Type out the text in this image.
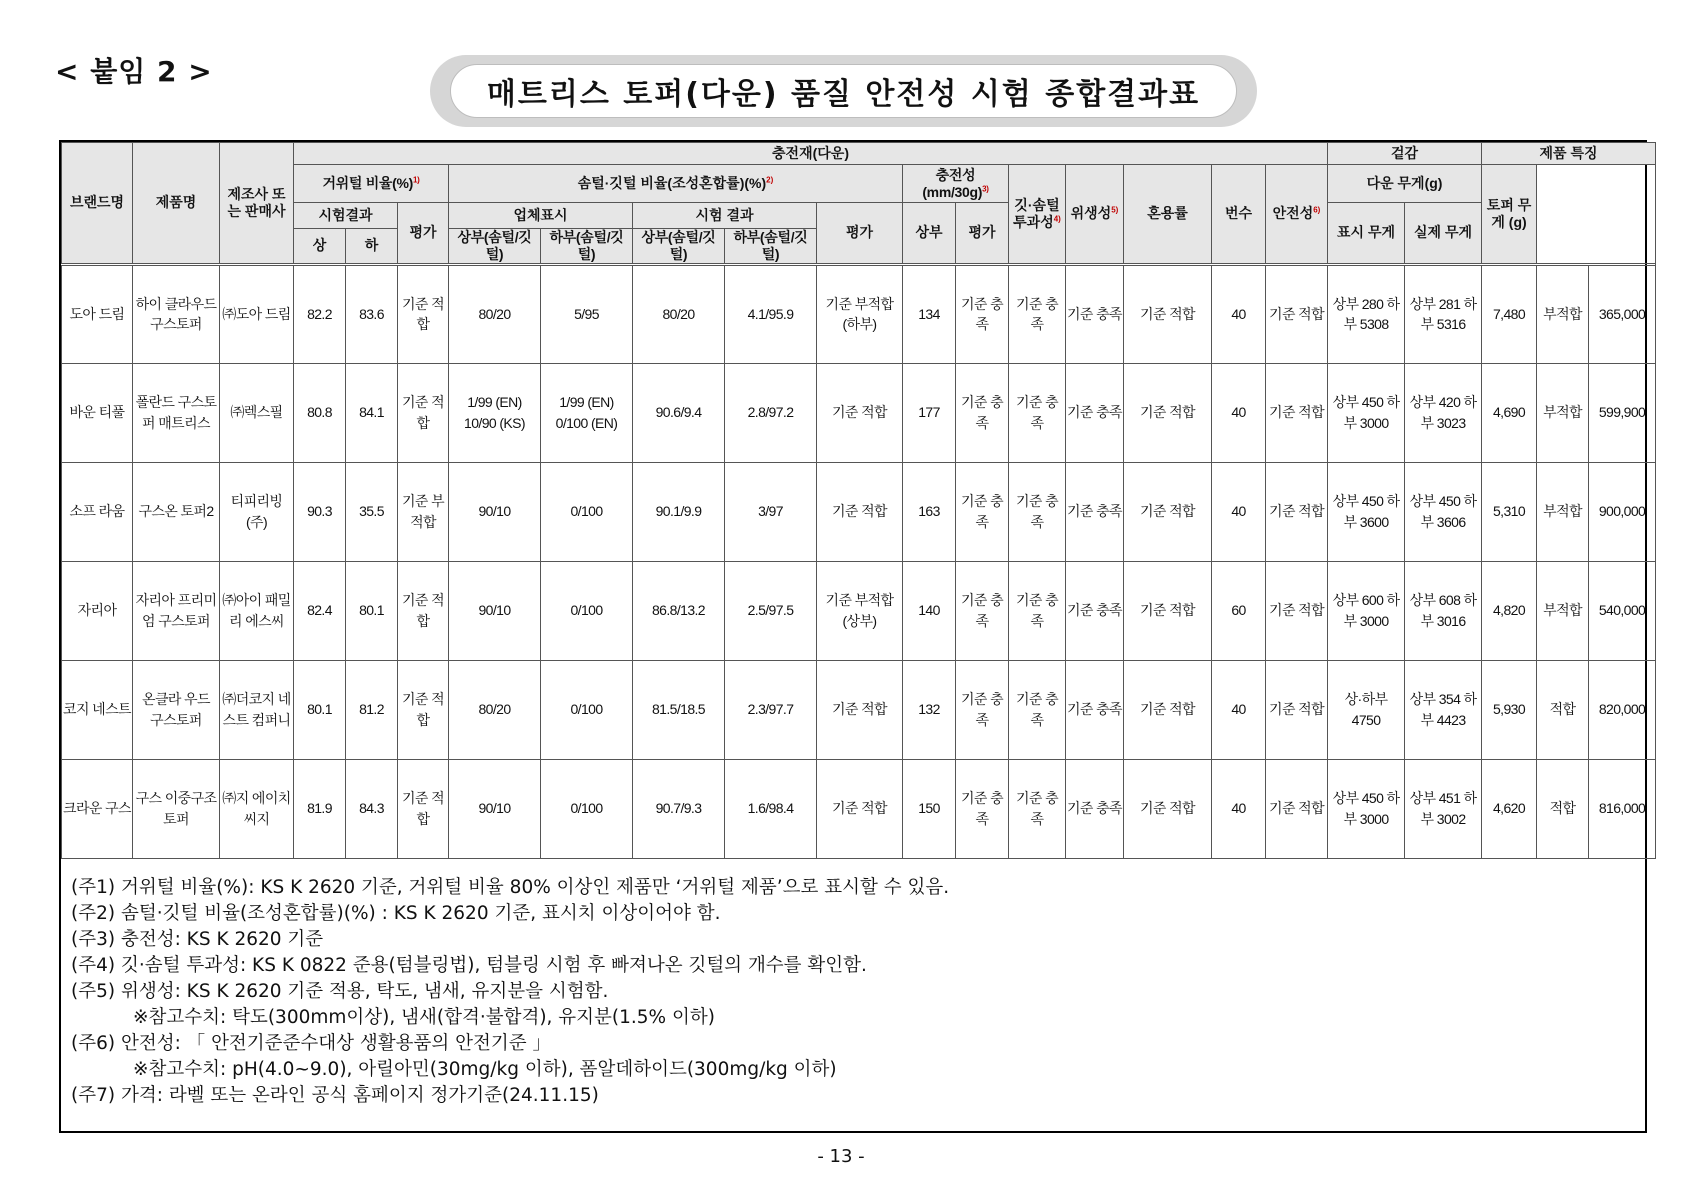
< 붙임 2 >
매트리스 토퍼(다운) 품질 안전성 시험 종합결과표
브랜드명	제품명	제조사 또는 판매사	충전재(다운)															겉감		제품 특징		
			거위털 비율(%)$^{1)}$			솜털·깃털 비율(조성혼합률)(%)$^{2)}$					충전성 $(mm/30g)^{3)}$		깃·솜털 투과성$^{4)}$	위생성$^{5)}$	혼용률	번수	안전성$^{6)}$	다운 무게(g)		토퍼 무게 (g)			
			시험결과		평가	업체표시		시험 결과		평가	상부	평가						표시 무게	실제 무게				
			상	하		상부(솜털/깃털)	하부(솜털/깃털)	상부(솜털/깃털)	하부(솜털/깃털)														
도아 드림	하이 클라우드 구스토퍼	㈜도아 드림	82.2	83.6	기준 적합	80/20	5/95	80/20	4.1/95.9	기준 부적합 (하부)	134	기준 충족	기준 충족	기준 충족	기준 적합	40	기준 적합	상부 280 하부 5308	상부 281 하부 5316	7,480	부적합	365,000	
바운 티풀	폴란드 구스토퍼 매트리스	㈜렉스필	80.8	84.1	기준 적합	1/99 (EN) 10/90 (KS)	1/99 (EN) 0/100 (EN)	90.6/9.4	2.8/97.2	기준 적합	177	기준 충족	기준 충족	기준 충족	기준 적합	40	기준 적합	상부 450 하부 3000	상부 420 하부 3023	4,690	부적합	599,900	
소프 라움	구스온 토퍼2	티피리빙 (주)	90.3	35.5	기준 부적합	90/10	0/100	90.1/9.9	3/97	기준 적합	163	기준 충족	기준 충족	기준 충족	기준 적합	40	기준 적합	상부 450 하부 3600	상부 450 하부 3606	5,310	부적합	900,000	
자리아	자리아 프리미엄 구스토퍼	㈜아이 패밀리 에스씨	82.4	80.1	기준 적합	90/10	0/100	86.8/13.2	2.5/97.5	기준 부적합 (상부)	140	기준 충족	기준 충족	기준 충족	기준 적합	60	기준 적합	상부 600 하부 3000	상부 608 하부 3016	4,820	부적합	540,000	
코지 네스트	온클라 우드 구스토퍼	㈜더코지 네스트 컴퍼니	80.1	81.2	기준 적합	80/20	0/100	81.5/18.5	2.3/97.7	기준 적합	132	기준 충족	기준 충족	기준 충족	기준 적합	40	기준 적합	상·하부 4750	상부 354 하부 4423	5,930	적합	820,000	
크라운 구스	구스 이중구조 토퍼	㈜지 에이치 씨지	81.9	84.3	기준 적합	90/10	0/100	90.7/9.3	1.6/98.4	기준 적합	150	기준 충족	기준 충족	기준 충족	기준 적합	40	기준 적합	상부 450 하부 3000	상부 451 하부 3002	4,620	적합	816,000	
(주1) 거위털 비율(%): KS K 2620 기준, 거위털 비율 80% 이상인 제품만 ‘거위털 제품’으로 표시할 수 있음.
(주2) 솜털·깃털 비율(조성혼합률)(%) : KS K 2620 기준, 표시치 이상이어야 함.
(주3) 충전성: KS K 2620 기준
(주4) 깃·솜털 투과성: KS K 0822 준용(텀블링법), 텀블링 시험 후 빠져나온 깃털의 개수를 확인함.
(주5) 위생성: KS K 2620 기준 적용, 탁도, 냄새, 유지분을 시험함.
※참고수치: 탁도(300mm이상), 냄새(합격·불합격), 유지분(1.5% 이하)
(주6) 안전성: 「 안전기준준수대상 생활용품의 안전기준 」
※참고수치: pH(4.0~9.0), 아릴아민(30mg/kg 이하), 폼알데하이드(300mg/kg 이하)
(주7) 가격: 라벨 또는 온라인 공식 홈페이지 정가기준(24.11.15)
- 13 -
